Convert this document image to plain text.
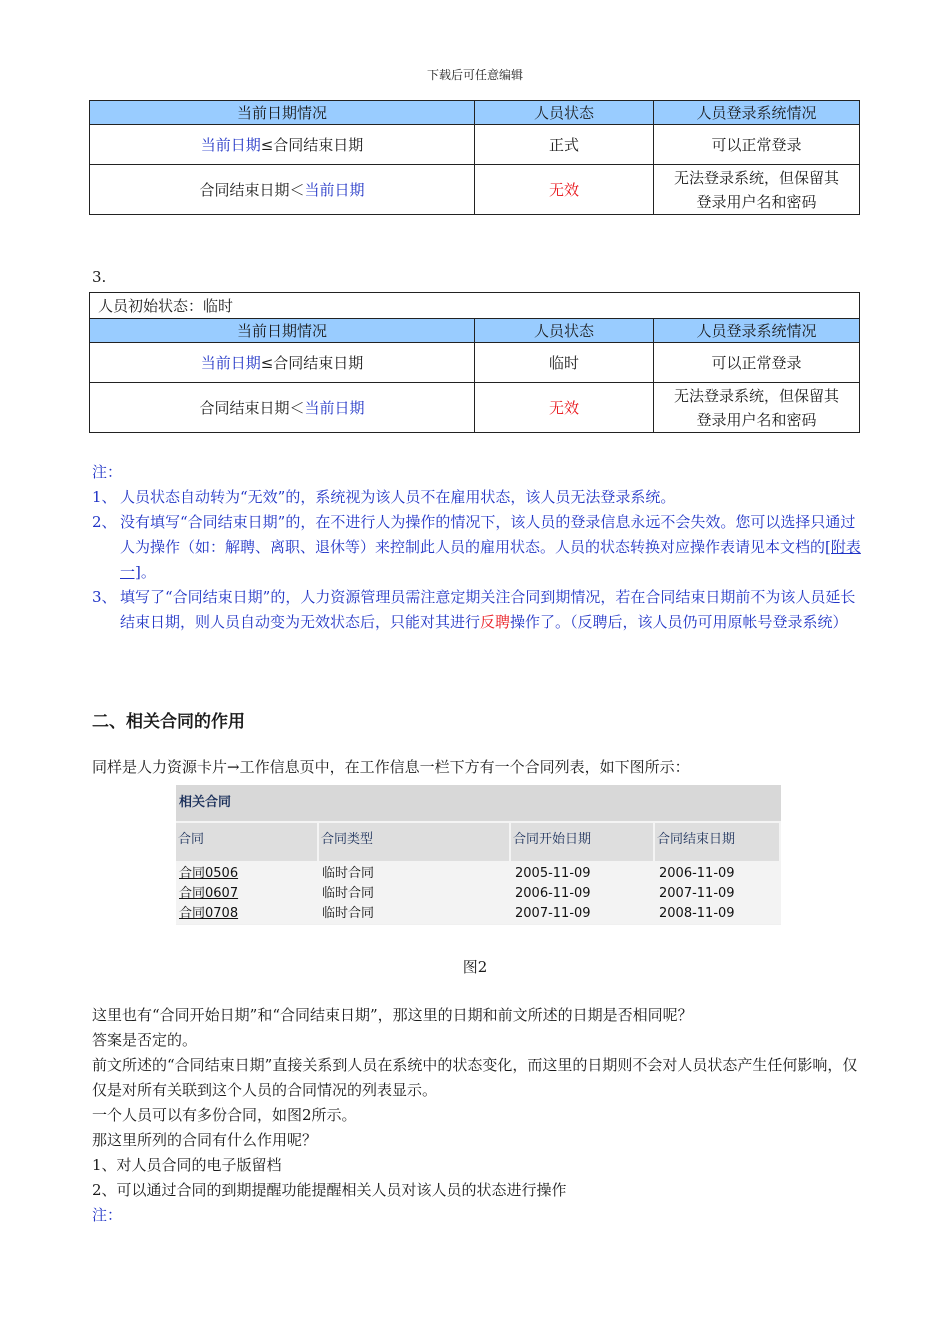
下载后可任意编辑
当前日期情况	人员状态	人员登录系统情况
当前日期≤合同结束日期	正式	可以正常登录
合同结束日期＜当前日期	无效	无法登录系统，但保留其
登录用户名和密码
3.
人员初始状态：临时		
当前日期情况	人员状态	人员登录系统情况
当前日期≤合同结束日期	临时	可以正常登录
合同结束日期＜当前日期	无效	无法登录系统，但保留其
登录用户名和密码
注：
1、 人员状态自动转为“无效”的，系统视为该人员不在雇用状态，该人员无法登录系统。
2、 没有填写“合同结束日期”的，在不进行人为操作的情况下，该人员的登录信息永远不会失效。您可以选择只通过人为操作（如：解聘、离职、退休等）来控制此人员的雇用状态。人员的状态转换对应操作表请见本文档的[附表一]。
3、 填写了“合同结束日期”的，人力资源管理员需注意定期关注合同到期情况，若在合同结束日期前不为该人员延长结束日期，则人员自动变为无效状态后，只能对其进行反聘操作了。（反聘后，该人员仍可用原帐号登录系统）
二、相关合同的作用
同样是人力资源卡片→工作信息页中，在工作信息一栏下方有一个合同列表，如下图所示：
相关合同
合同	合同类型	合同开始日期	合同结束日期
合同0506	临时合同	2005-11-09	2006-11-09
合同0607	临时合同	2006-11-09	2007-11-09
合同0708	临时合同	2007-11-09	2008-11-09
图2
这里也有“合同开始日期”和“合同结束日期”，那这里的日期和前文所述的日期是否相同呢？
答案是否定的。
前文所述的“合同结束日期”直接关系到人员在系统中的状态变化，而这里的日期则不会对人员状态产生任何影响，仅仅是对所有关联到这个人员的合同情况的列表显示。
一个人员可以有多份合同，如图2所示。
那这里所列的合同有什么作用呢？
1、对人员合同的电子版留档
2、可以通过合同的到期提醒功能提醒相关人员对该人员的状态进行操作
注：
